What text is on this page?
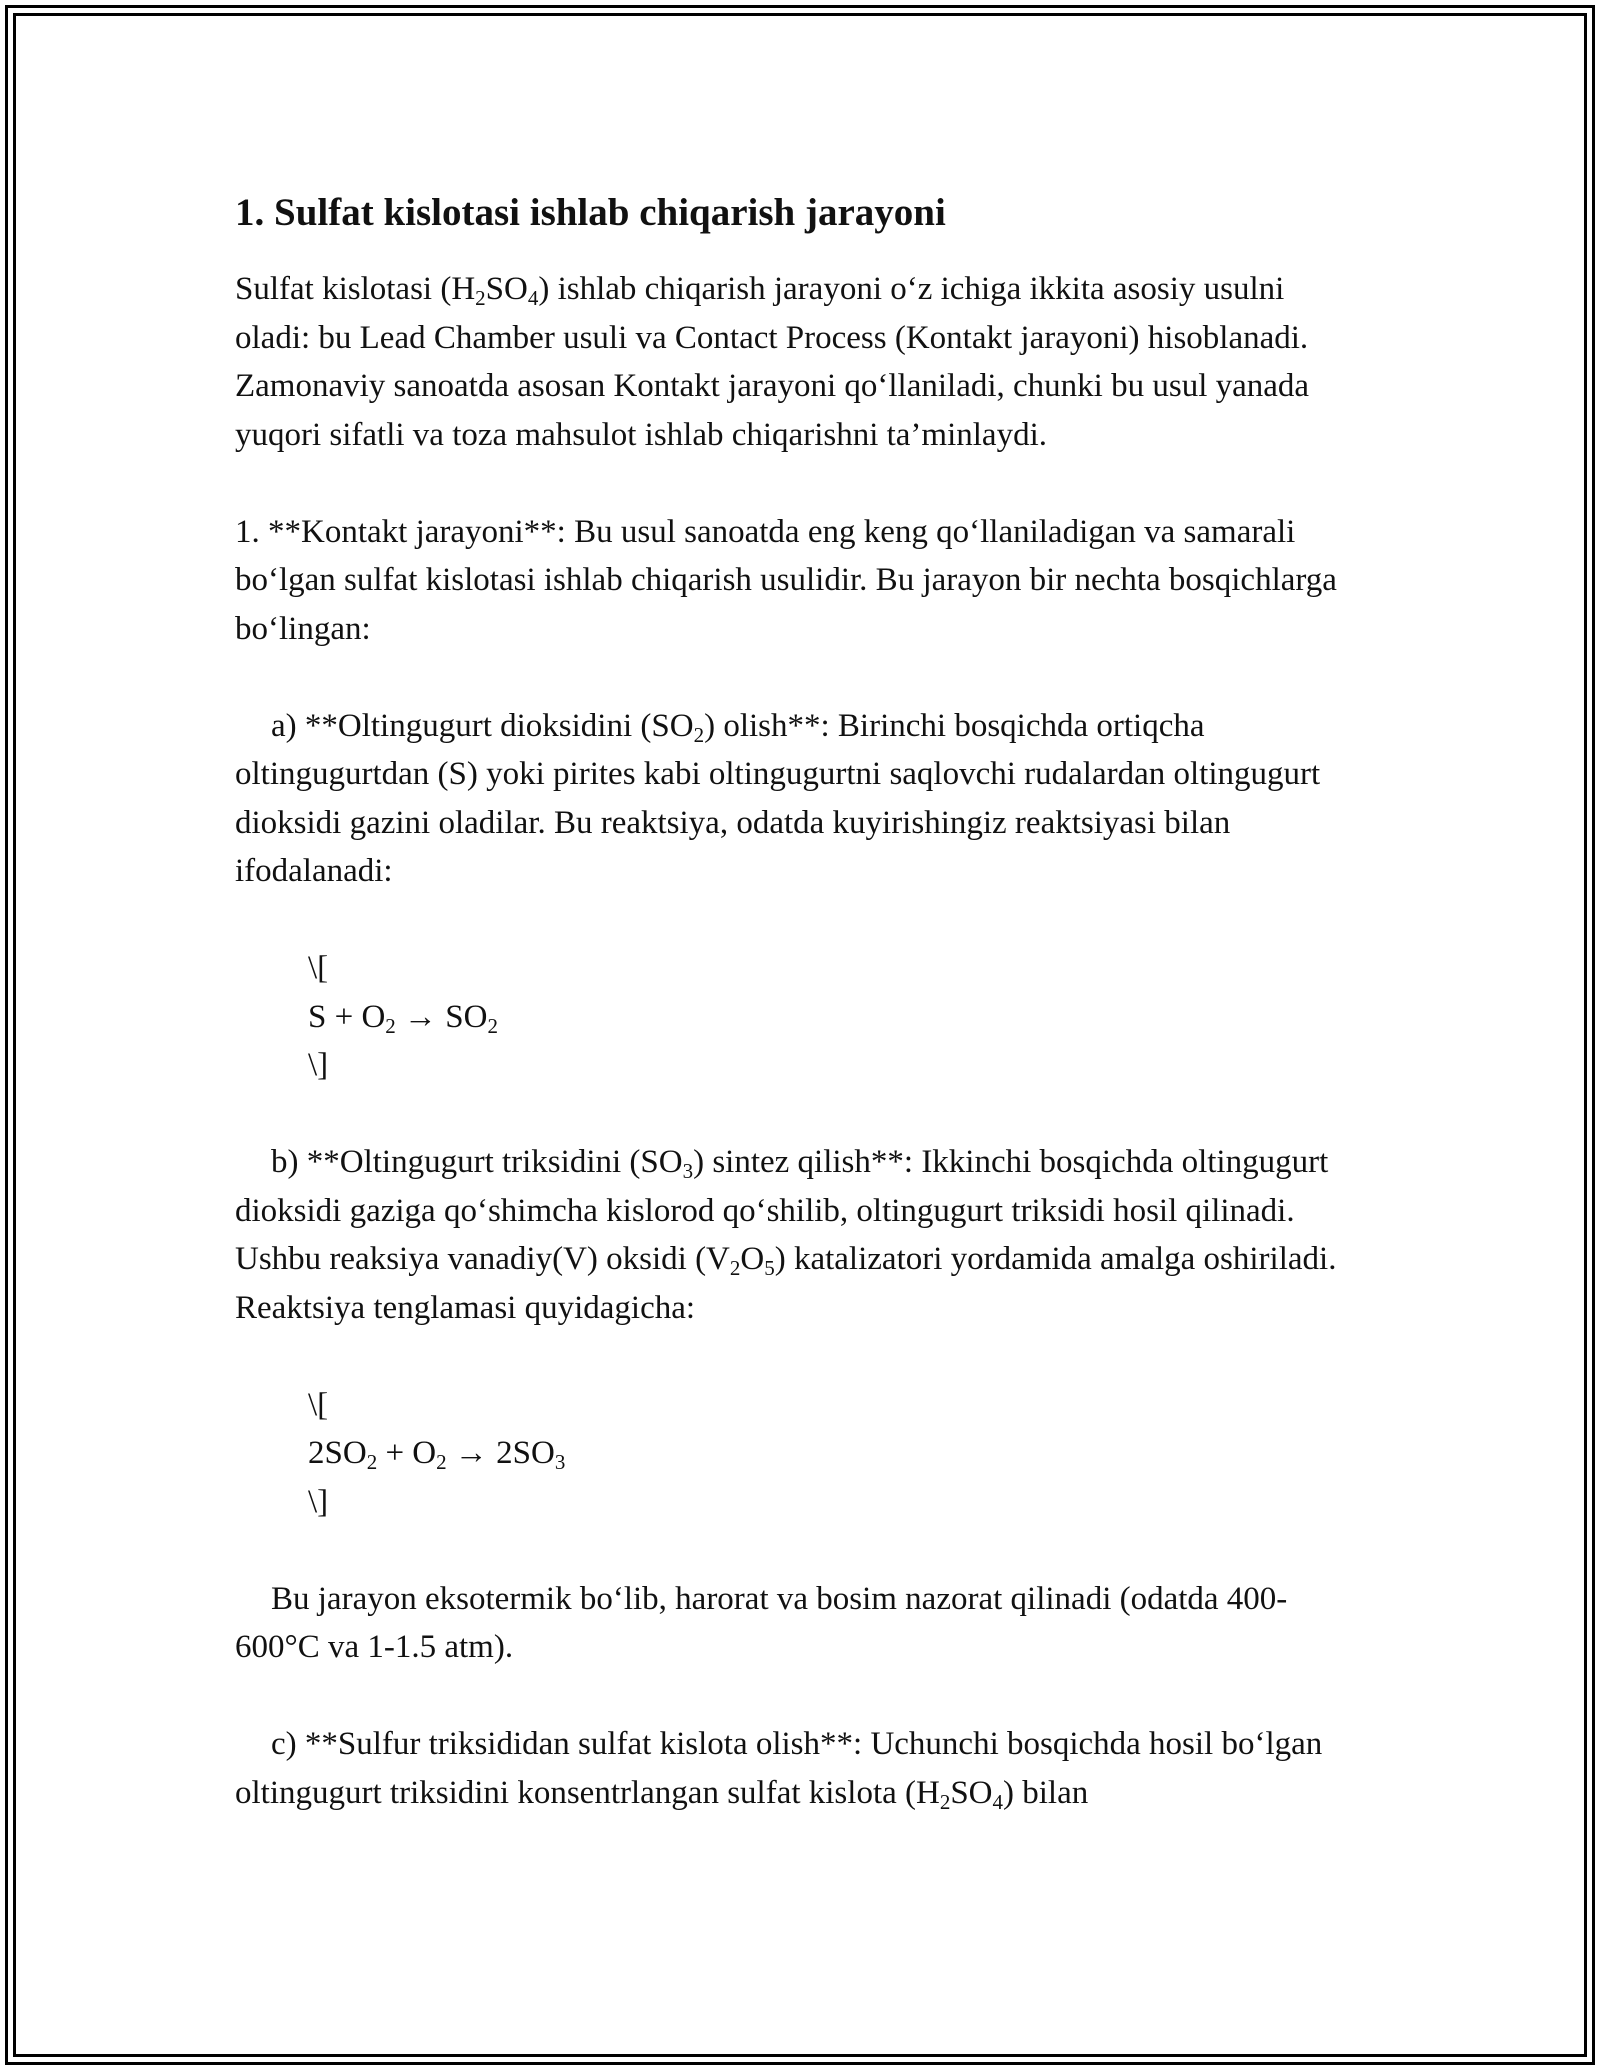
1. Sulfat kislotasi ishlab chiqarish jarayoni

Sulfat kislotasi $(H_2SO_4)$ ishlab chiqarish jarayoni o‘z ichiga ikkita asosiy usulni oladi: bu Lead Chamber usuli va Contact Process (Kontakt jarayoni) hisoblanadi. Zamonaviy sanoatda asosan Kontakt jarayoni qo‘llaniladi, chunki bu usul yanada yuqori sifatli va toza mahsulot ishlab chiqarishni ta’minlaydi.

1. **Kontakt jarayoni**: Bu usul sanoatda eng keng qo‘llaniladigan va samarali bo‘lgan sulfat kislotasi ishlab chiqarish usulidir. Bu jarayon bir nechta bosqichlarga bo‘lingan:

a) **Oltingugurt dioksidini $(SO_2)$ olish**: Birinchi bosqichda ortiqcha oltingugurtdan (S) yoki pirites kabi oltingugurtni saqlovchi rudalardan oltingugurt dioksidi gazini oladilar. Bu reaktsiya, odatda kuyirishingiz reaktsiyasi bilan ifodalanadi:

\[

$S + O_2 \to SO_2$

\]

b) **Oltingugurt triksidini $(SO_3)$ sintez qilish**: Ikkinchi bosqichda oltingugurt dioksidi gaziga qo‘shimcha kislorod qo‘shilib, oltingugurt triksidi hosil qilinadi. Ushbu reaksiya vanadiy(V) oksidi $(V_2O_5)$ katalizatori yordamida amalga oshiriladi. Reaktsiya tenglamasi quyidagicha:

\[

$2SO_2 + O_2 \to 2SO_3$

\]

Bu jarayon eksotermik bo‘lib, harorat va bosim nazorat qilinadi (odatda 400-600°C va 1-1.5 atm).

c) **Sulfur triksididan sulfat kislota olish**: Uchunchi bosqichda hosil bo‘lgan oltingugurt triksidini konsentrlangan sulfat kislota $(H_2SO_4)$ bilan
